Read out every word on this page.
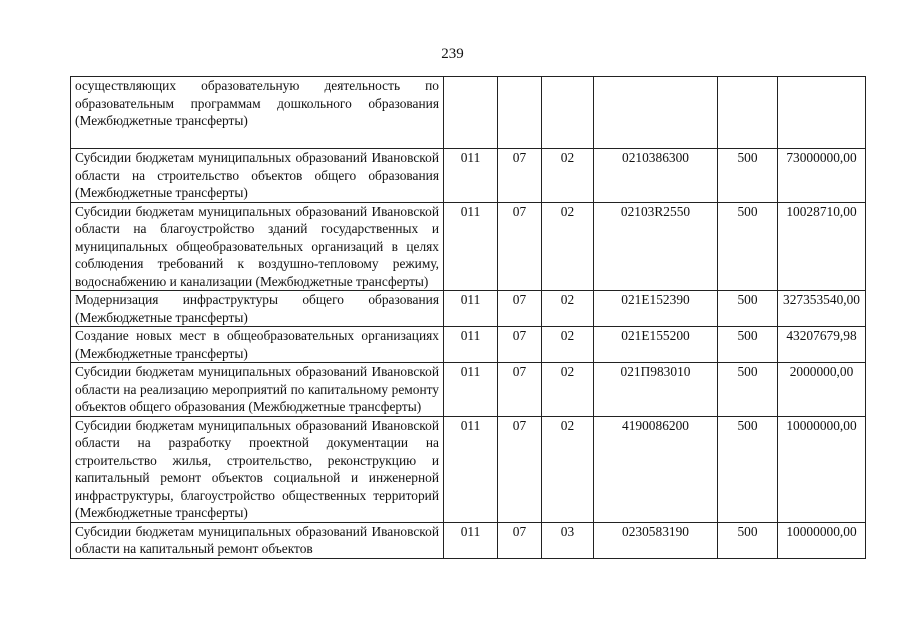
239
осуществляющих образовательную деятельность по образовательным программам дошкольного образования (Межбюджетные трансферты)						
Субсидии бюджетам муниципальных образований Ивановской области на строительство объектов общего образования (Межбюджетные трансферты)	011	07	02	0210386300	500	73000000,00
Субсидии бюджетам муниципальных образований Ивановской области на благоустройство зданий государственных и муниципальных общеобразовательных организаций в целях соблюдения требований к воздушно-тепловому режиму, водоснабжению и канализации (Межбюджетные трансферты)	011	07	02	02103R2550	500	10028710,00
Модернизация инфраструктуры общего образования (Межбюджетные трансферты)	011	07	02	021E152390	500	327353540,00
Создание новых мест в общеобразовательных организациях (Межбюджетные трансферты)	011	07	02	021E155200	500	43207679,98
Субсидии бюджетам муниципальных образований Ивановской области на реализацию мероприятий по капитальному ремонту объектов общего образования (Межбюджетные трансферты)	011	07	02	021П983010	500	2000000,00
Субсидии бюджетам муниципальных образований Ивановской области на разработку проектной документации на строительство жилья, строительство, реконструкцию и капитальный ремонт объектов социальной и инженерной инфраструктуры, благоустройство общественных территорий (Межбюджетные трансферты)	011	07	02	4190086200	500	10000000,00
Субсидии бюджетам муниципальных образований Ивановской области на капитальный ремонт объектов	011	07	03	0230583190	500	10000000,00
